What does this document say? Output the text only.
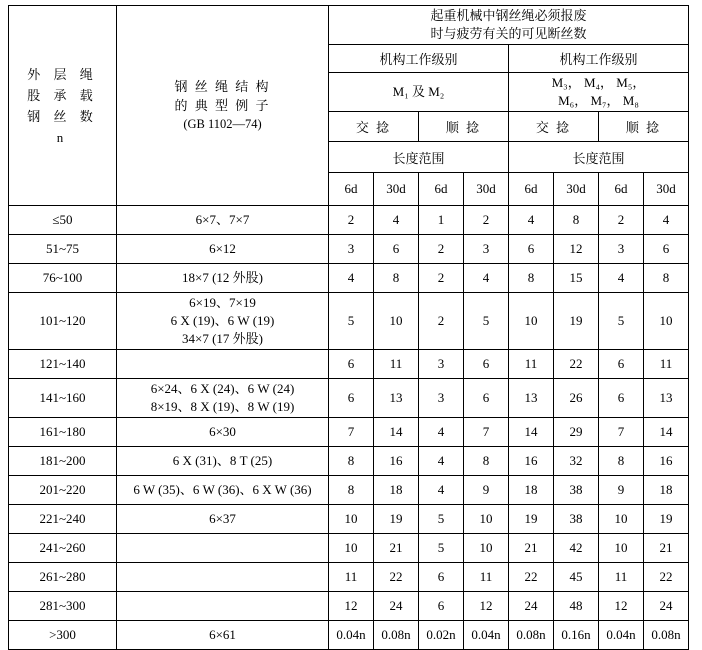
外 层 绳
股 承 载
钢 丝 数
n

钢 丝 绳 结 构
的 典 型 例 子
(GB 1102—74)

起重机械中钢丝绳必须报废
时与疲劳有关的可见断丝数

		机构工作级别				机构工作级别			

		M₁ 及 M₂				M₃， M₄， M₅，
M₆， M₇， M₈			

		交 捻		顺 捻		交 捻		顺 捻	
		长度范围				长度范围			
		6d	30d	6d	30d	6d	30d	6d	30d
≤50	6×7、7×7	2	4	1	2	4	8	2	4
51~75	6×12	3	6	2	3	6	12	3	6
76~100	18×7 (12 外股)	4	8	2	4	8	15	4	8
101~120	6×19、7×19
6 X (19)、6 W (19)
34×7 (17 外股)	5	10	2	5	10	19	5	10
121~140		6	11	3	6	11	22	6	11
141~160	6×24、6 X (24)、6 W (24)
8×19、8 X (19)、8 W (19)	6	13	3	6	13	26	6	13
161~180	6×30	7	14	4	7	14	29	7	14
181~200	6 X (31)、8 T (25)	8	16	4	8	16	32	8	16
201~220	6 W (35)、6 W (36)、6 X W (36)	8	18	4	9	18	38	9	18
221~240	6×37	10	19	5	10	19	38	10	19
241~260		10	21	5	10	21	42	10	21
261~280		11	22	6	11	22	45	11	22
281~300		12	24	6	12	24	48	12	24
>300	6×61	0.04n	0.08n	0.02n	0.04n	0.08n	0.16n	0.04n	0.08n
